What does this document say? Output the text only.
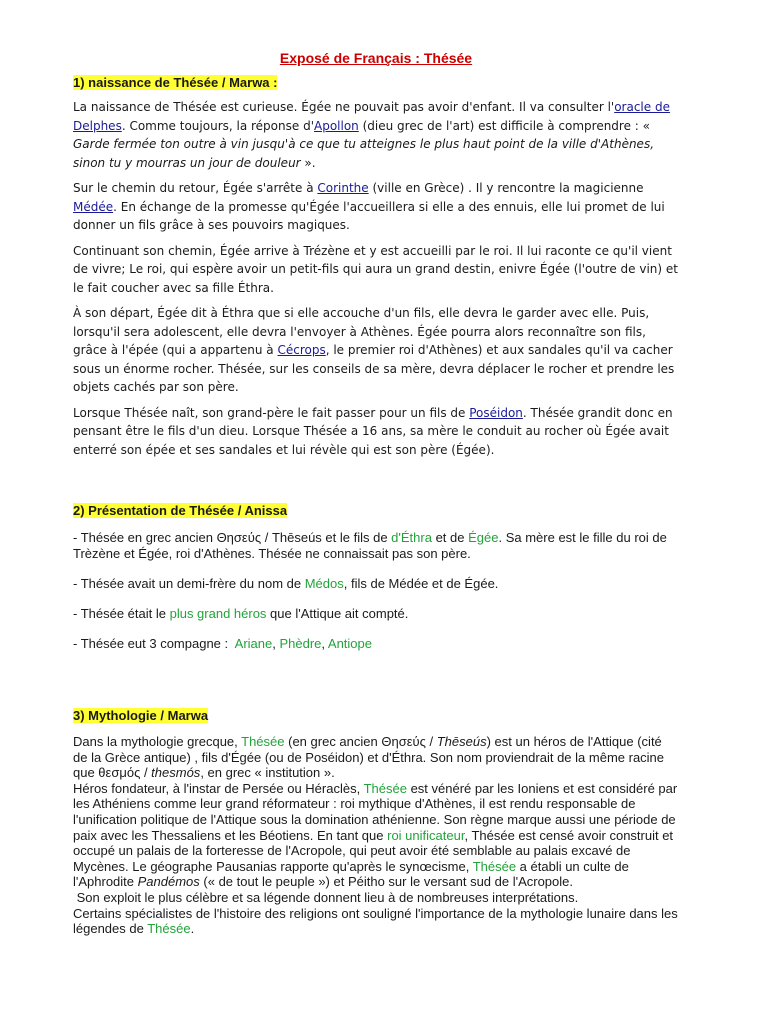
Exposé de Français : Thésée
1) naissance de Thésée / Marwa :

La naissance de Thésée est curieuse. Égée ne pouvait pas avoir d'enfant. Il va consulter l'oracle de Delphes. Comme toujours, la réponse d'Apollon (dieu grec de l'art) est difficile à comprendre : « Garde fermée ton outre à vin jusqu'à ce que tu atteignes le plus haut point de la ville d'Athènes, sinon tu y mourras un jour de douleur ».

Sur le chemin du retour, Égée s'arrête à Corinthe (ville en Grèce) . Il y rencontre la magicienne Médée. En échange de la promesse qu'Égée l'accueillera si elle a des ennuis, elle lui promet de lui donner un fils grâce à ses pouvoirs magiques.

Continuant son chemin, Égée arrive à Trézène et y est accueilli par le roi. Il lui raconte ce qu'il vient de vivre; Le roi, qui espère avoir un petit-fils qui aura un grand destin, enivre Égée (l'outre de vin) et le fait coucher avec sa fille Éthra.

À son départ, Égée dit à Éthra que si elle accouche d'un fils, elle devra le garder avec elle. Puis, lorsqu'il sera adolescent, elle devra l'envoyer à Athènes. Égée pourra alors reconnaître son fils, grâce à l'épée (qui a appartenu à Cécrops, le premier roi d'Athènes) et aux sandales qu'il va cacher sous un énorme rocher. Thésée, sur les conseils de sa mère, devra déplacer le rocher et prendre les objets cachés par son père.

Lorsque Thésée naît, son grand-père le fait passer pour un fils de Poséidon. Thésée grandit donc en pensant être le fils d'un dieu. Lorsque Thésée a 16 ans, sa mère le conduit au rocher où Égée avait enterré son épée et ses sandales et lui révèle qui est son père (Égée).

2) Présentation de Thésée / Anissa

- Thésée en grec ancien Θησεύς / Thēseús et le fils de d'Éthra et de Égée. Sa mère est le fille du roi de Trèzène et Égée, roi d'Athènes. Thésée ne connaissait pas son père.

- Thésée avait un demi-frère du nom de Médos, fils de Médée et de Égée.

- Thésée était le plus grand héros que l'Attique ait compté.

- Thésée eut 3 compagne :  Ariane, Phèdre, Antiope

3) Mythologie / Marwa

Dans la mythologie grecque, Thésée (en grec ancien Θησεύς / Thēseús) est un héros de l'Attique (cité de la Grèce antique) , fils d'Égée (ou de Poséidon) et d'Éthra. Son nom proviendrait de la même racine que θεσμός / thesmós, en grec « institution ».

Héros fondateur, à l'instar de Persée ou Héraclès, Thésée est vénéré par les Ioniens et est considéré par les Athéniens comme leur grand réformateur : roi mythique d'Athènes, il est rendu responsable de l'unification politique de l'Attique sous la domination athénienne. Son règne marque aussi une période de paix avec les Thessaliens et les Béotiens. En tant que roi unificateur, Thésée est censé avoir construit et occupé un palais de la forteresse de l'Acropole, qui peut avoir été semblable au palais excavé de Mycènes. Le géographe Pausanias rapporte qu'après le synœcisme, Thésée a établi un culte de l'Aphrodite Pandémos (« de tout le peuple ») et Péitho sur le versant sud de l'Acropole.

Son exploit le plus célèbre et sa légende donnent lieu à de nombreuses interprétations.

Certains spécialistes de l'histoire des religions ont souligné l'importance de la mythologie lunaire dans les légendes de Thésée.
